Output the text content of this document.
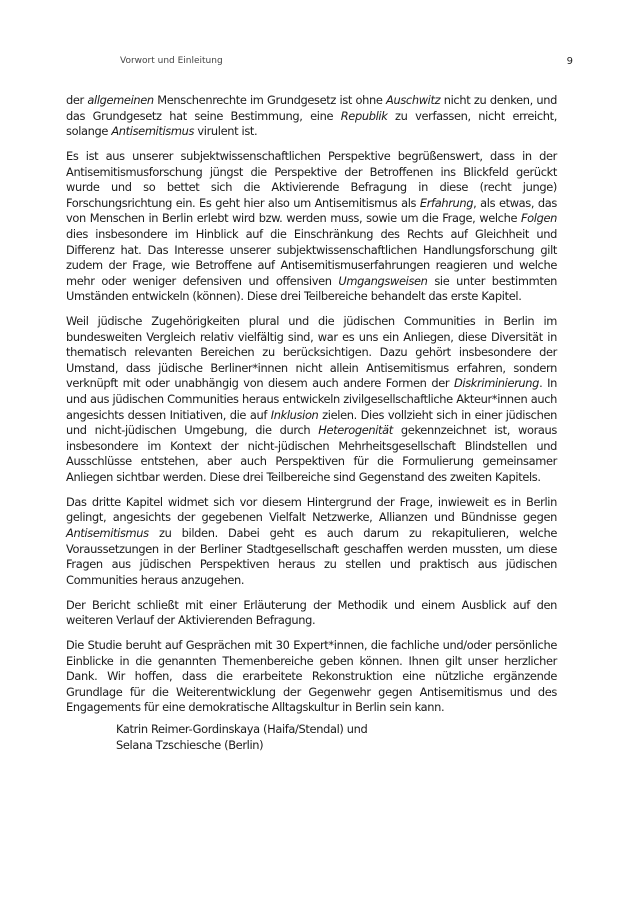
Vorwort und Einleitung	9

der allgemeinen Menschenrechte im Grundgesetz ist ohne Auschwitz nicht zu denken, und das Grundgesetz hat seine Bestimmung, eine Republik zu verfassen, nicht erreicht, solange Antisemitismus virulent ist.

Es ist aus unserer subjektwissenschaftlichen Perspektive begrüßenswert, dass in der Antisemitismusforschung jüngst die Perspektive der Betroffenen ins Blickfeld gerückt wurde und so bettet sich die Aktivierende Befragung in diese (recht junge) Forschungsrichtung ein. Es geht hier also um Antisemitismus als Erfahrung, als etwas, das von Menschen in Berlin erlebt wird bzw. werden muss, sowie um die Frage, welche Folgen dies insbesondere im Hinblick auf die Einschränkung des Rechts auf Gleichheit und Differenz hat. Das Interesse unserer subjektwissenschaftlichen Handlungsforschung gilt zudem der Frage, wie Betroffene auf Antisemitismuserfahrungen reagieren und welche mehr oder weniger defensiven und offensiven Umgangsweisen sie unter bestimmten Umständen entwickeln (können). Diese drei Teilbereiche behandelt das erste Kapitel.

Weil jüdische Zugehörigkeiten plural und die jüdischen Communities in Berlin im bundesweiten Vergleich relativ vielfältig sind, war es uns ein Anliegen, diese Diversität in thematisch relevanten Bereichen zu berücksichtigen. Dazu gehört insbesondere der Umstand, dass jüdische Berliner*innen nicht allein Antisemitismus erfahren, sondern verknüpft mit oder unabhängig von diesem auch andere Formen der Diskriminierung. In und aus jüdischen Communities heraus entwickeln zivilgesellschaftliche Akteur*innen auch angesichts dessen Initiativen, die auf Inklusion zielen. Dies vollzieht sich in einer jüdischen und nicht-jüdischen Umgebung, die durch Heterogenität gekennzeichnet ist, woraus insbesondere im Kontext der nicht-jüdischen Mehrheitsgesellschaft Blindstellen und Ausschlüsse entstehen, aber auch Perspektiven für die Formulierung gemeinsamer Anliegen sichtbar werden. Diese drei Teilbereiche sind Gegenstand des zweiten Kapitels.

Das dritte Kapitel widmet sich vor diesem Hintergrund der Frage, inwieweit es in Berlin gelingt, angesichts der gegebenen Vielfalt Netzwerke, Allianzen und Bündnisse gegen Antisemitismus zu bilden. Dabei geht es auch darum zu rekapitulieren, welche Voraussetzungen in der Berliner Stadtgesellschaft geschaffen werden mussten, um diese Fragen aus jüdischen Perspektiven heraus zu stellen und praktisch aus jüdischen Communities heraus anzugehen.

Der Bericht schließt mit einer Erläuterung der Methodik und einem Ausblick auf den weiteren Verlauf der Aktivierenden Befragung.

Die Studie beruht auf Gesprächen mit 30 Expert*innen, die fachliche und/oder persönliche Einblicke in die genannten Themenbereiche geben können. Ihnen gilt unser herzlicher Dank. Wir hoffen, dass die erarbeitete Rekonstruktion eine nützliche ergänzende Grundlage für die Weiterentwicklung der Gegenwehr gegen Antisemitismus und des Engagements für eine demokratische Alltagskultur in Berlin sein kann.

Katrin Reimer-Gordinskaya (Haifa/Stendal) und
Selana Tzschiesche (Berlin)
